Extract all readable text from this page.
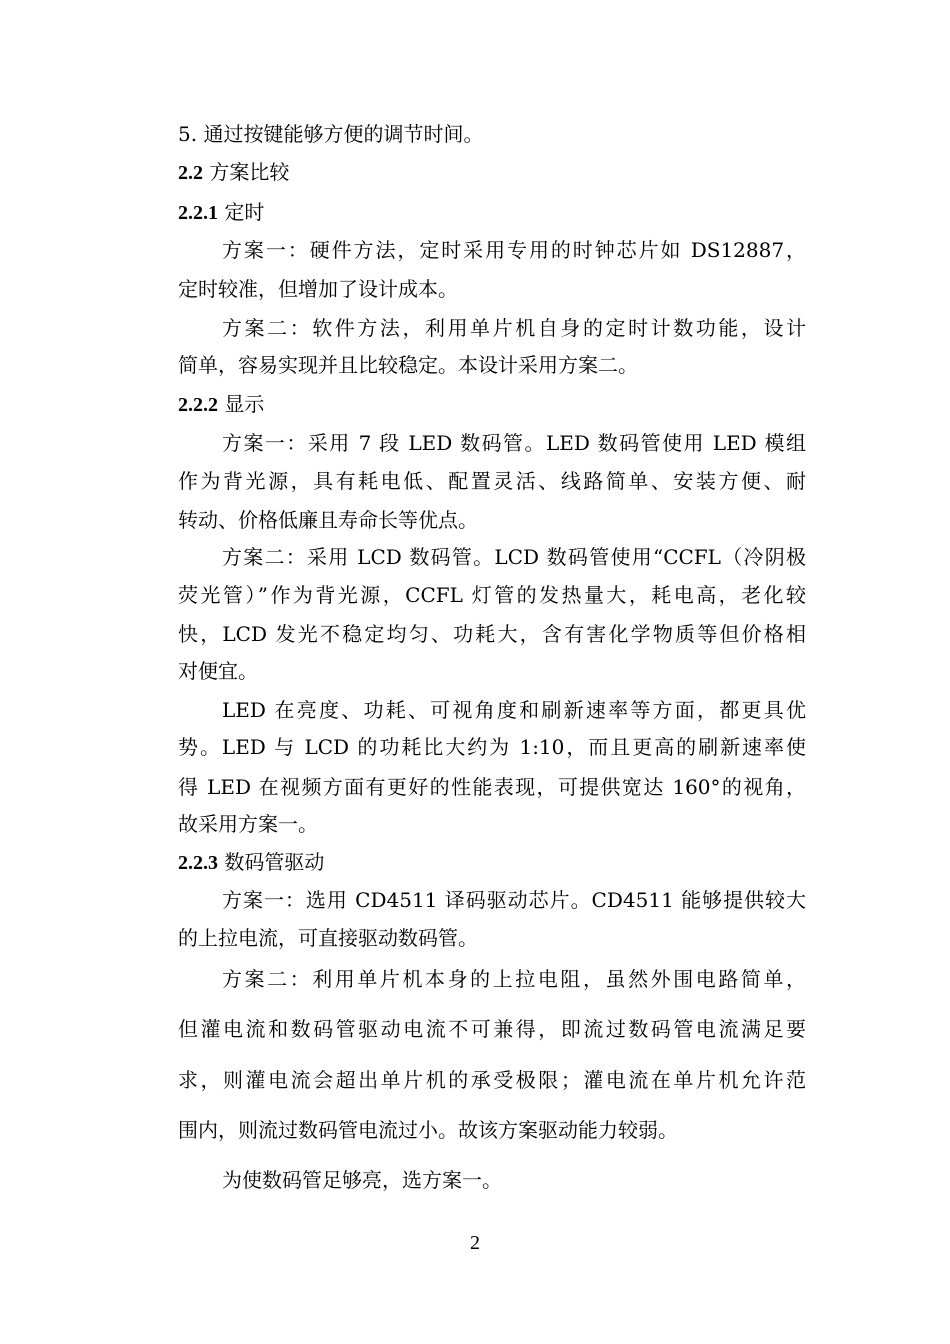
5. 通过按键能够方便的调节时间。
2.2 方案比较
2.2.1 定时
方案一：硬件方法，定时采用专用的时钟芯片如 DS12887，
定时较准，但增加了设计成本。
方案二：软件方法，利用单片机自身的定时计数功能，设计
简单，容易实现并且比较稳定。本设计采用方案二。
2.2.2 显示
方案一：采用 7 段 LED 数码管。LED 数码管使用 LED 模组
作为背光源，具有耗电低、配置灵活、线路简单、安装方便、耐
转动、价格低廉且寿命长等优点。
方案二：采用 LCD 数码管。LCD 数码管使用“CCFL（冷阴极
荧光管）”作为背光源，CCFL 灯管的发热量大，耗电高，老化较
快，LCD 发光不稳定均匀、功耗大，含有害化学物质等但价格相
对便宜。
LED 在亮度、功耗、可视角度和刷新速率等方面，都更具优
势。LED 与 LCD 的功耗比大约为 1:10，而且更高的刷新速率使
得 LED 在视频方面有更好的性能表现，可提供宽达 160°的视角，
故采用方案一。
2.2.3 数码管驱动
方案一：选用 CD4511 译码驱动芯片。CD4511 能够提供较大
的上拉电流，可直接驱动数码管。
方案二：利用单片机本身的上拉电阻，虽然外围电路简单，
但灌电流和数码管驱动电流不可兼得，即流过数码管电流满足要
求，则灌电流会超出单片机的承受极限；灌电流在单片机允许范
围内，则流过数码管电流过小。故该方案驱动能力较弱。
为使数码管足够亮，选方案一。
2
